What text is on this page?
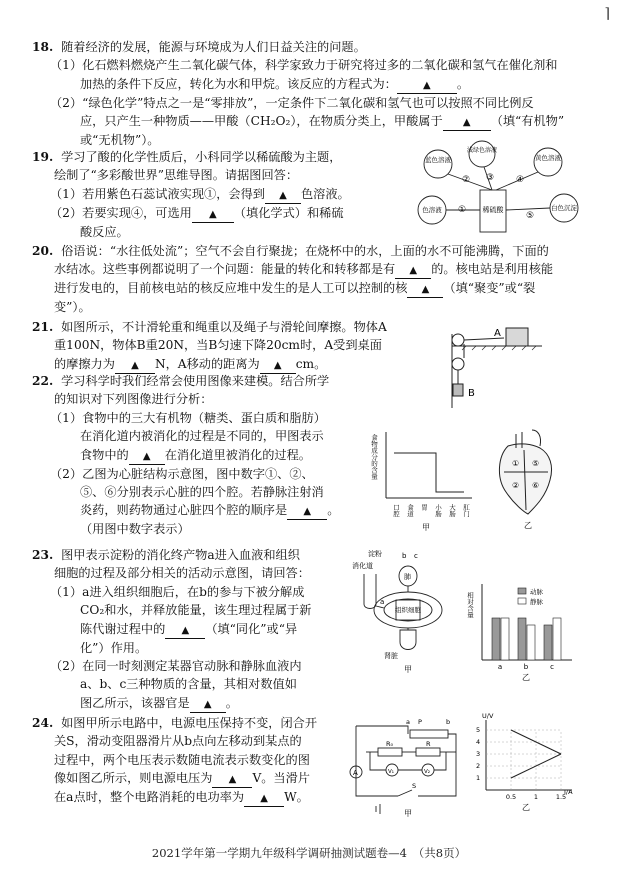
⌉
18. 随着经济的发展，能源与环境成为人们日益关注的问题。
（1）化石燃料燃烧产生二氧化碳气体，科学家致力于研究将过多的二氧化碳和氢气在催化剂和
加热的条件下反应，转化为水和甲烷。该反应的方程式为：	▲ 。
（2）“绿色化学”特点之一是“零排放”，一定条件下二氧化碳和氢气也可以按照不同比例反
应，只产生一种物质——甲酸（CH₂O₂），在物质分类上，甲酸属于 ▲ （填“有机物”
或“无机物”）。
19. 学习了酸的化学性质后，小科同学以稀硫酸为主题，
绘制了“多彩酸世界”思维导图。请据图回答：
（1）若用紫色石蕊试液实现①，会得到 ▲ 色溶液。
（2）若要实现④，可选用 ▲ （填化学式）和稀硫
酸反应。
蓝色溶液
浅绿色溶液
黄色溶液
色溶液	白色沉淀
稀硫酸
①
② ③ ④
⑤
20. 俗语说：“水往低处流”；空气不会自行聚拢；在烧杯中的水，上面的水不可能沸腾，下面的
水结冰。这些事例都说明了一个问题：能量的转化和转移都是有 ▲ 的。核电站是利用核能
进行发电的，目前核电站的核反应堆中发生的是人工可以控制的核 ▲ （填“聚变”或“裂
变”）。
21. 如图所示，不计滑轮重和绳重以及绳子与滑轮间摩擦。物体A
重100N，物体B重20N，当B匀速下降20cm时，A受到桌面
的摩擦力为 ▲ N，A移动的距离为 ▲ cm。
A
B
22. 学习科学时我们经常会使用图像来建模。结合所学
的知识对下列图像进行分析：
（1）食物中的三大有机物（糖类、蛋白质和脂肪）
在消化道内被消化的过程是不同的，甲图表示
食物中的 ▲ 在消化道里被消化的过程。
（2）乙图为心脏结构示意图，图中数字①、②、
⑤、⑥分别表示心脏的四个腔。若静脉注射消
炎药，则药物通过心脏四个腔的顺序是 ▲ 。
（用图中数字表示）
食物成分的含量
口腔 食道 胃 小肠 大肠 肛门
甲
①
②
⑤
⑥
乙
23. 图甲表示淀粉的消化终产物a进入血液和组织
细胞的过程及部分相关的活动示意图，请回答：
（1）a进入组织细胞后，在b的参与下被分解成
CO₂和水，并释放能量，该生理过程属于新
陈代谢过程中的 ▲ （填“同化”或“异
化”）作用。
（2）在同一时刻测定某器官动脉和静脉血液内
a、b、c三种物质的含量，其相对数值如
图乙所示，该器官是 ▲ 。
淀粉
消化道
肺
组织细胞
肾脏
a
b c
甲
相对含量	动脉
静脉
a	b	c
乙
24. 如图甲所示电路中，电源电压保持不变，闭合开
关S，滑动变阻器滑片从b点向左移动到某点的
过程中，两个电压表示数随电流表示数变化的图
像如图乙所示，则电源电压为 ▲ V。当滑片
在a点时，整个电路消耗的电功率为 ▲ W。
a P	b
R₀	R
V₁	V₂
A
S
甲
U/V
I/A
1
2
3
4
5
0.5	1	1.5
乙
2021学年第一学期九年级科学调研抽测试题卷—4　（共8页）
